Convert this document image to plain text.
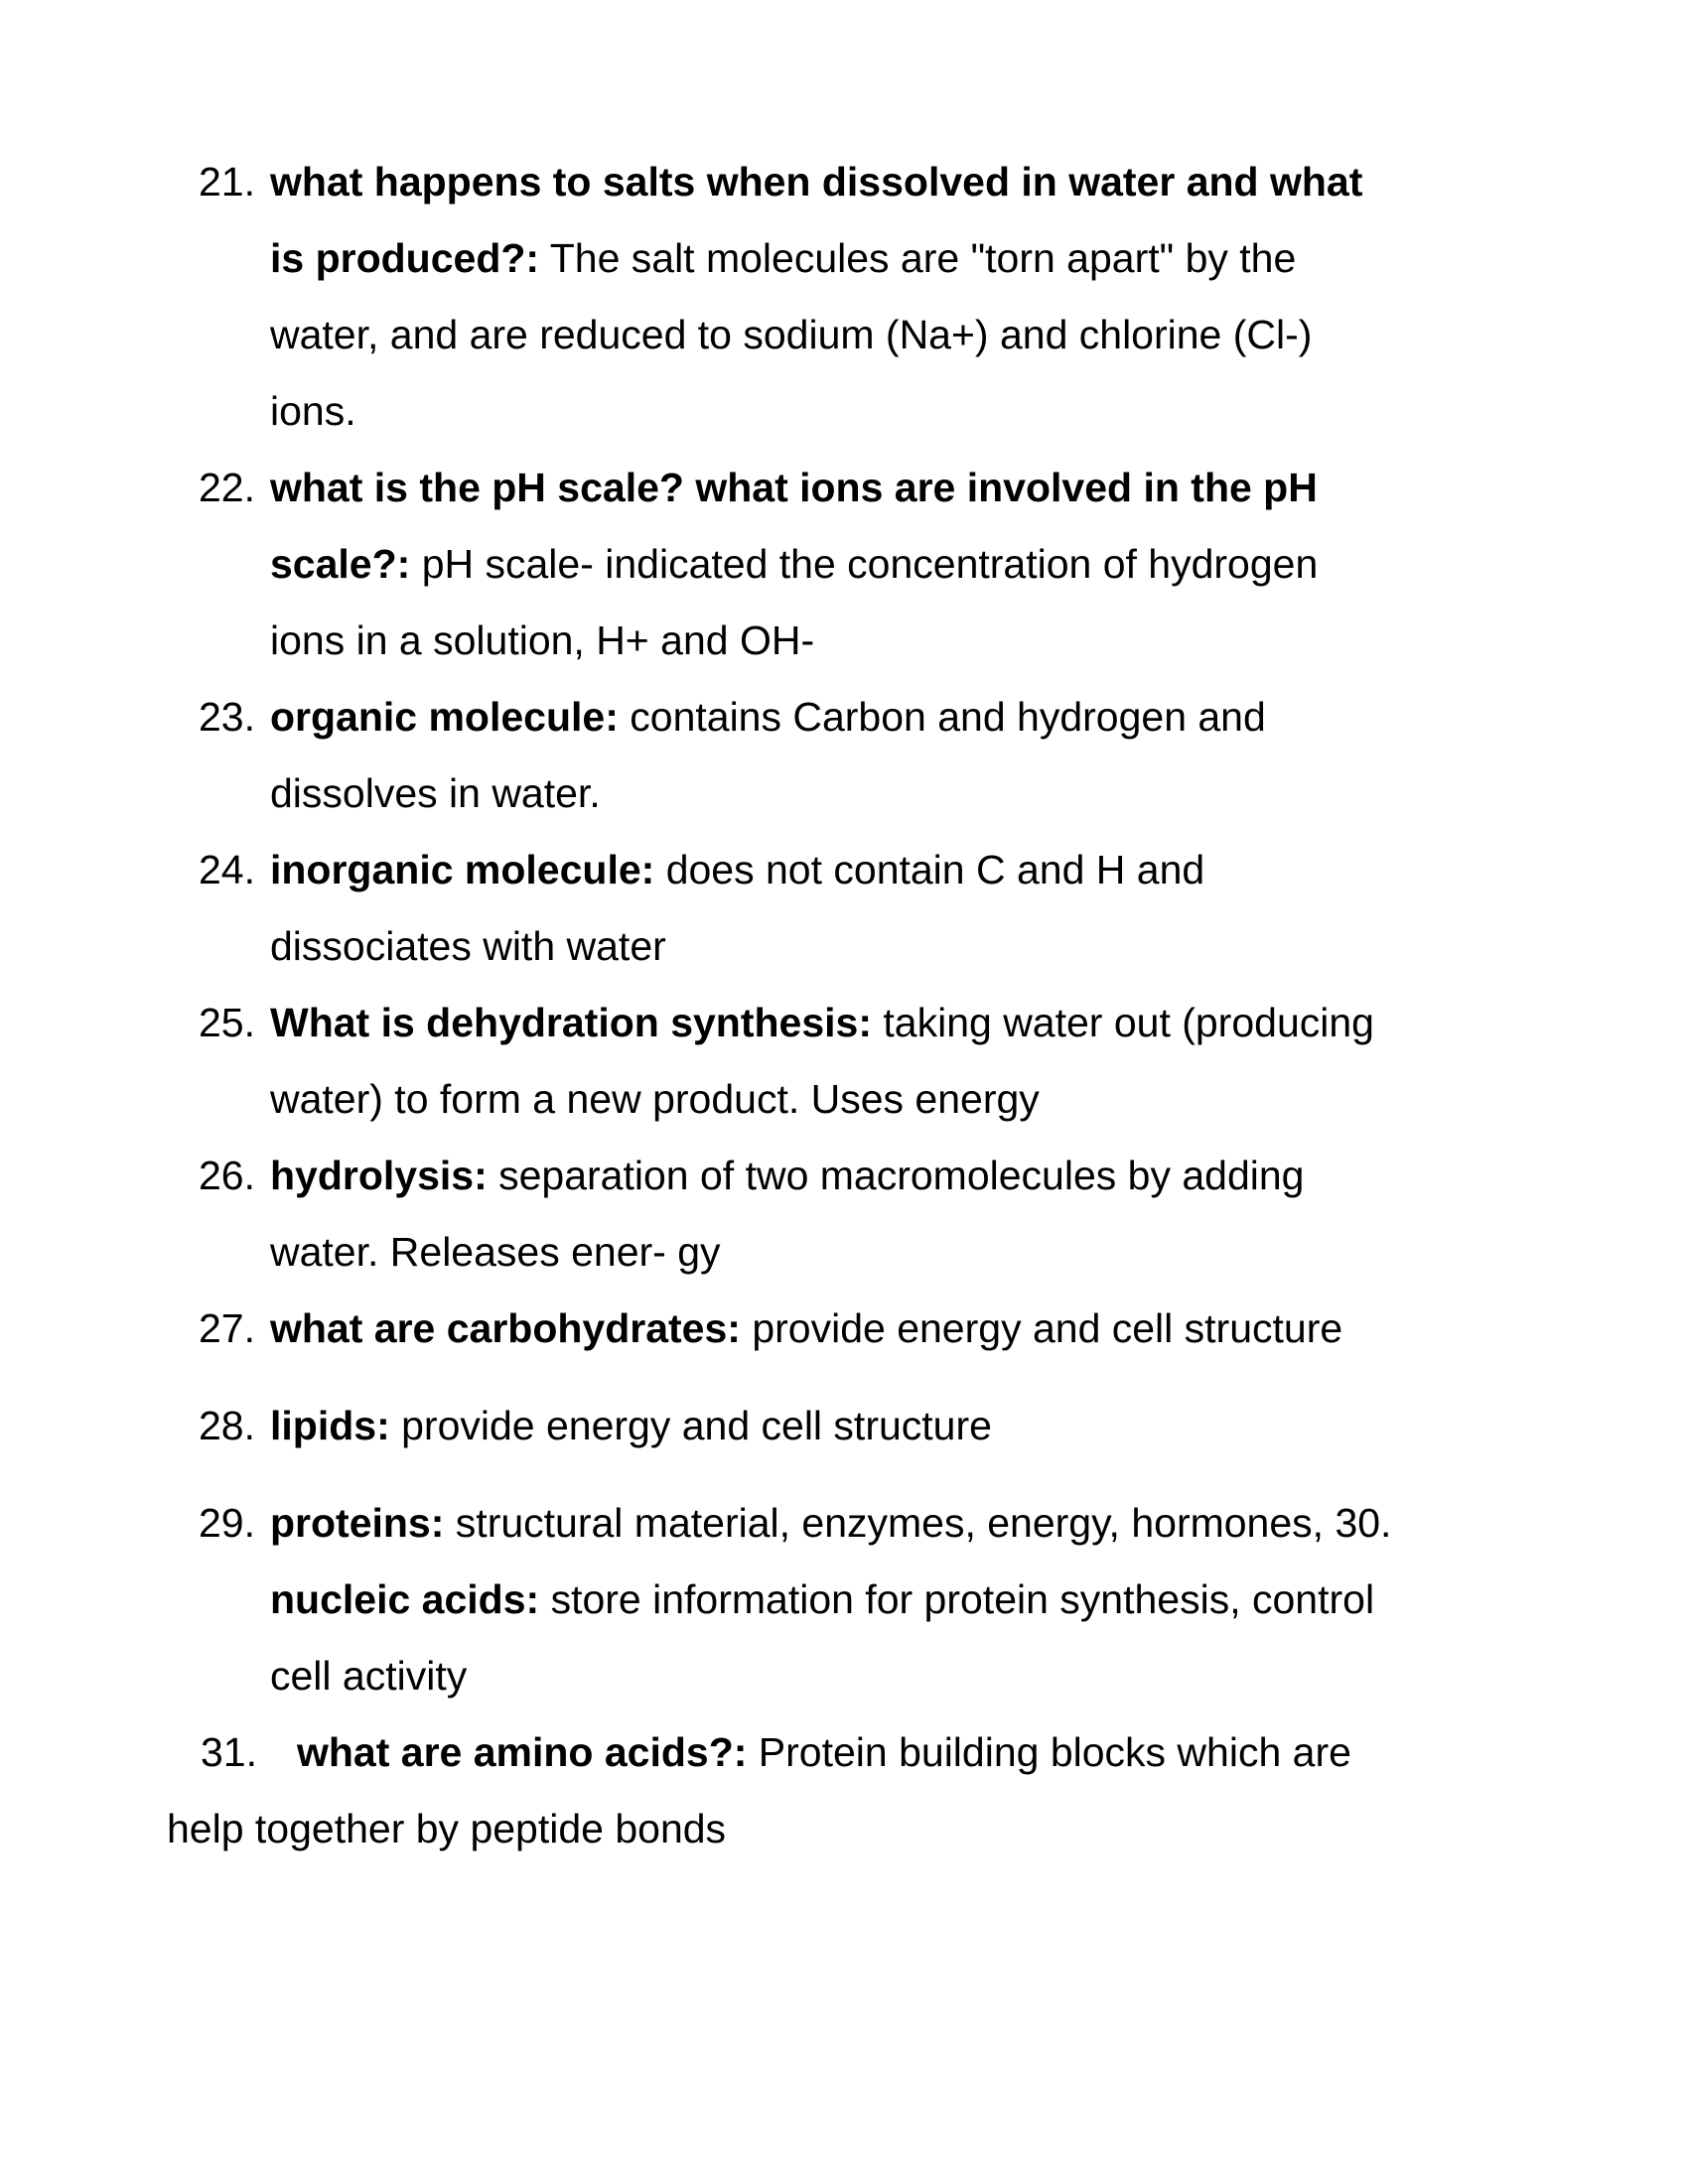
21. what happens to salts when dissolved in water and what
is produced?: The salt molecules are "torn apart" by the
water, and are reduced to sodium (Na+) and chlorine (Cl-)
ions.

22. what is the pH scale? what ions are involved in the pH
scale?: pH scale- indicated the concentration of hydrogen
ions in a solution, H+ and OH-

23. organic molecule: contains Carbon and hydrogen and
dissolves in water.

24. inorganic molecule: does not contain C and H and
dissociates with water

25. What is dehydration synthesis: taking water out (producing
water) to form a new product. Uses energy

26. hydrolysis: separation of two macromolecules by adding
water. Releases ener- gy

27. what are carbohydrates: provide energy and cell structure

28. lipids: provide energy and cell structure

29. proteins: structural material, enzymes, energy, hormones, 30.
nucleic acids: store information for protein synthesis, control
cell activity

31. what are amino acids?: Protein building blocks which are
help together by peptide bonds
